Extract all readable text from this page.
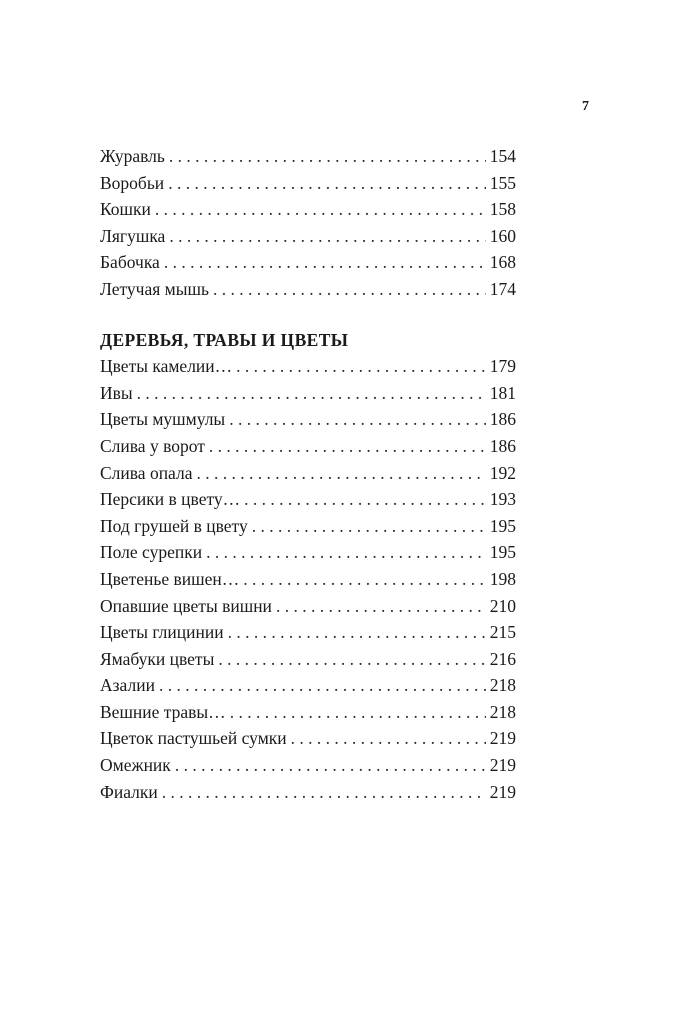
7
Журавль . . .	154
Воробьи . . .	155
Кошки . . .	158
Лягушка . . .	160
Бабочка . . .	168
Летучая мышь . . .	174
ДЕРЕВЬЯ, ТРАВЫ И ЦВЕТЫ
Цветы камелии… . . .	179
Ивы . . .	181
Цветы мушмулы . . .	186
Слива у ворот . . .	186
Слива опала . . .	192
Персики в цвету… . . .	193
Под грушей в цвету . . .	195
Поле сурепки . . .	195
Цветенье вишен… . . .	198
Опавшие цветы вишни . . .	210
Цветы глицинии . . .	215
Ямабуки цветы . . .	216
Азалии . . .	218
Вешние травы… . . .	218
Цветок пастушьей сумки . . .	219
Омежник . . .	219
Фиалки . . .	219
